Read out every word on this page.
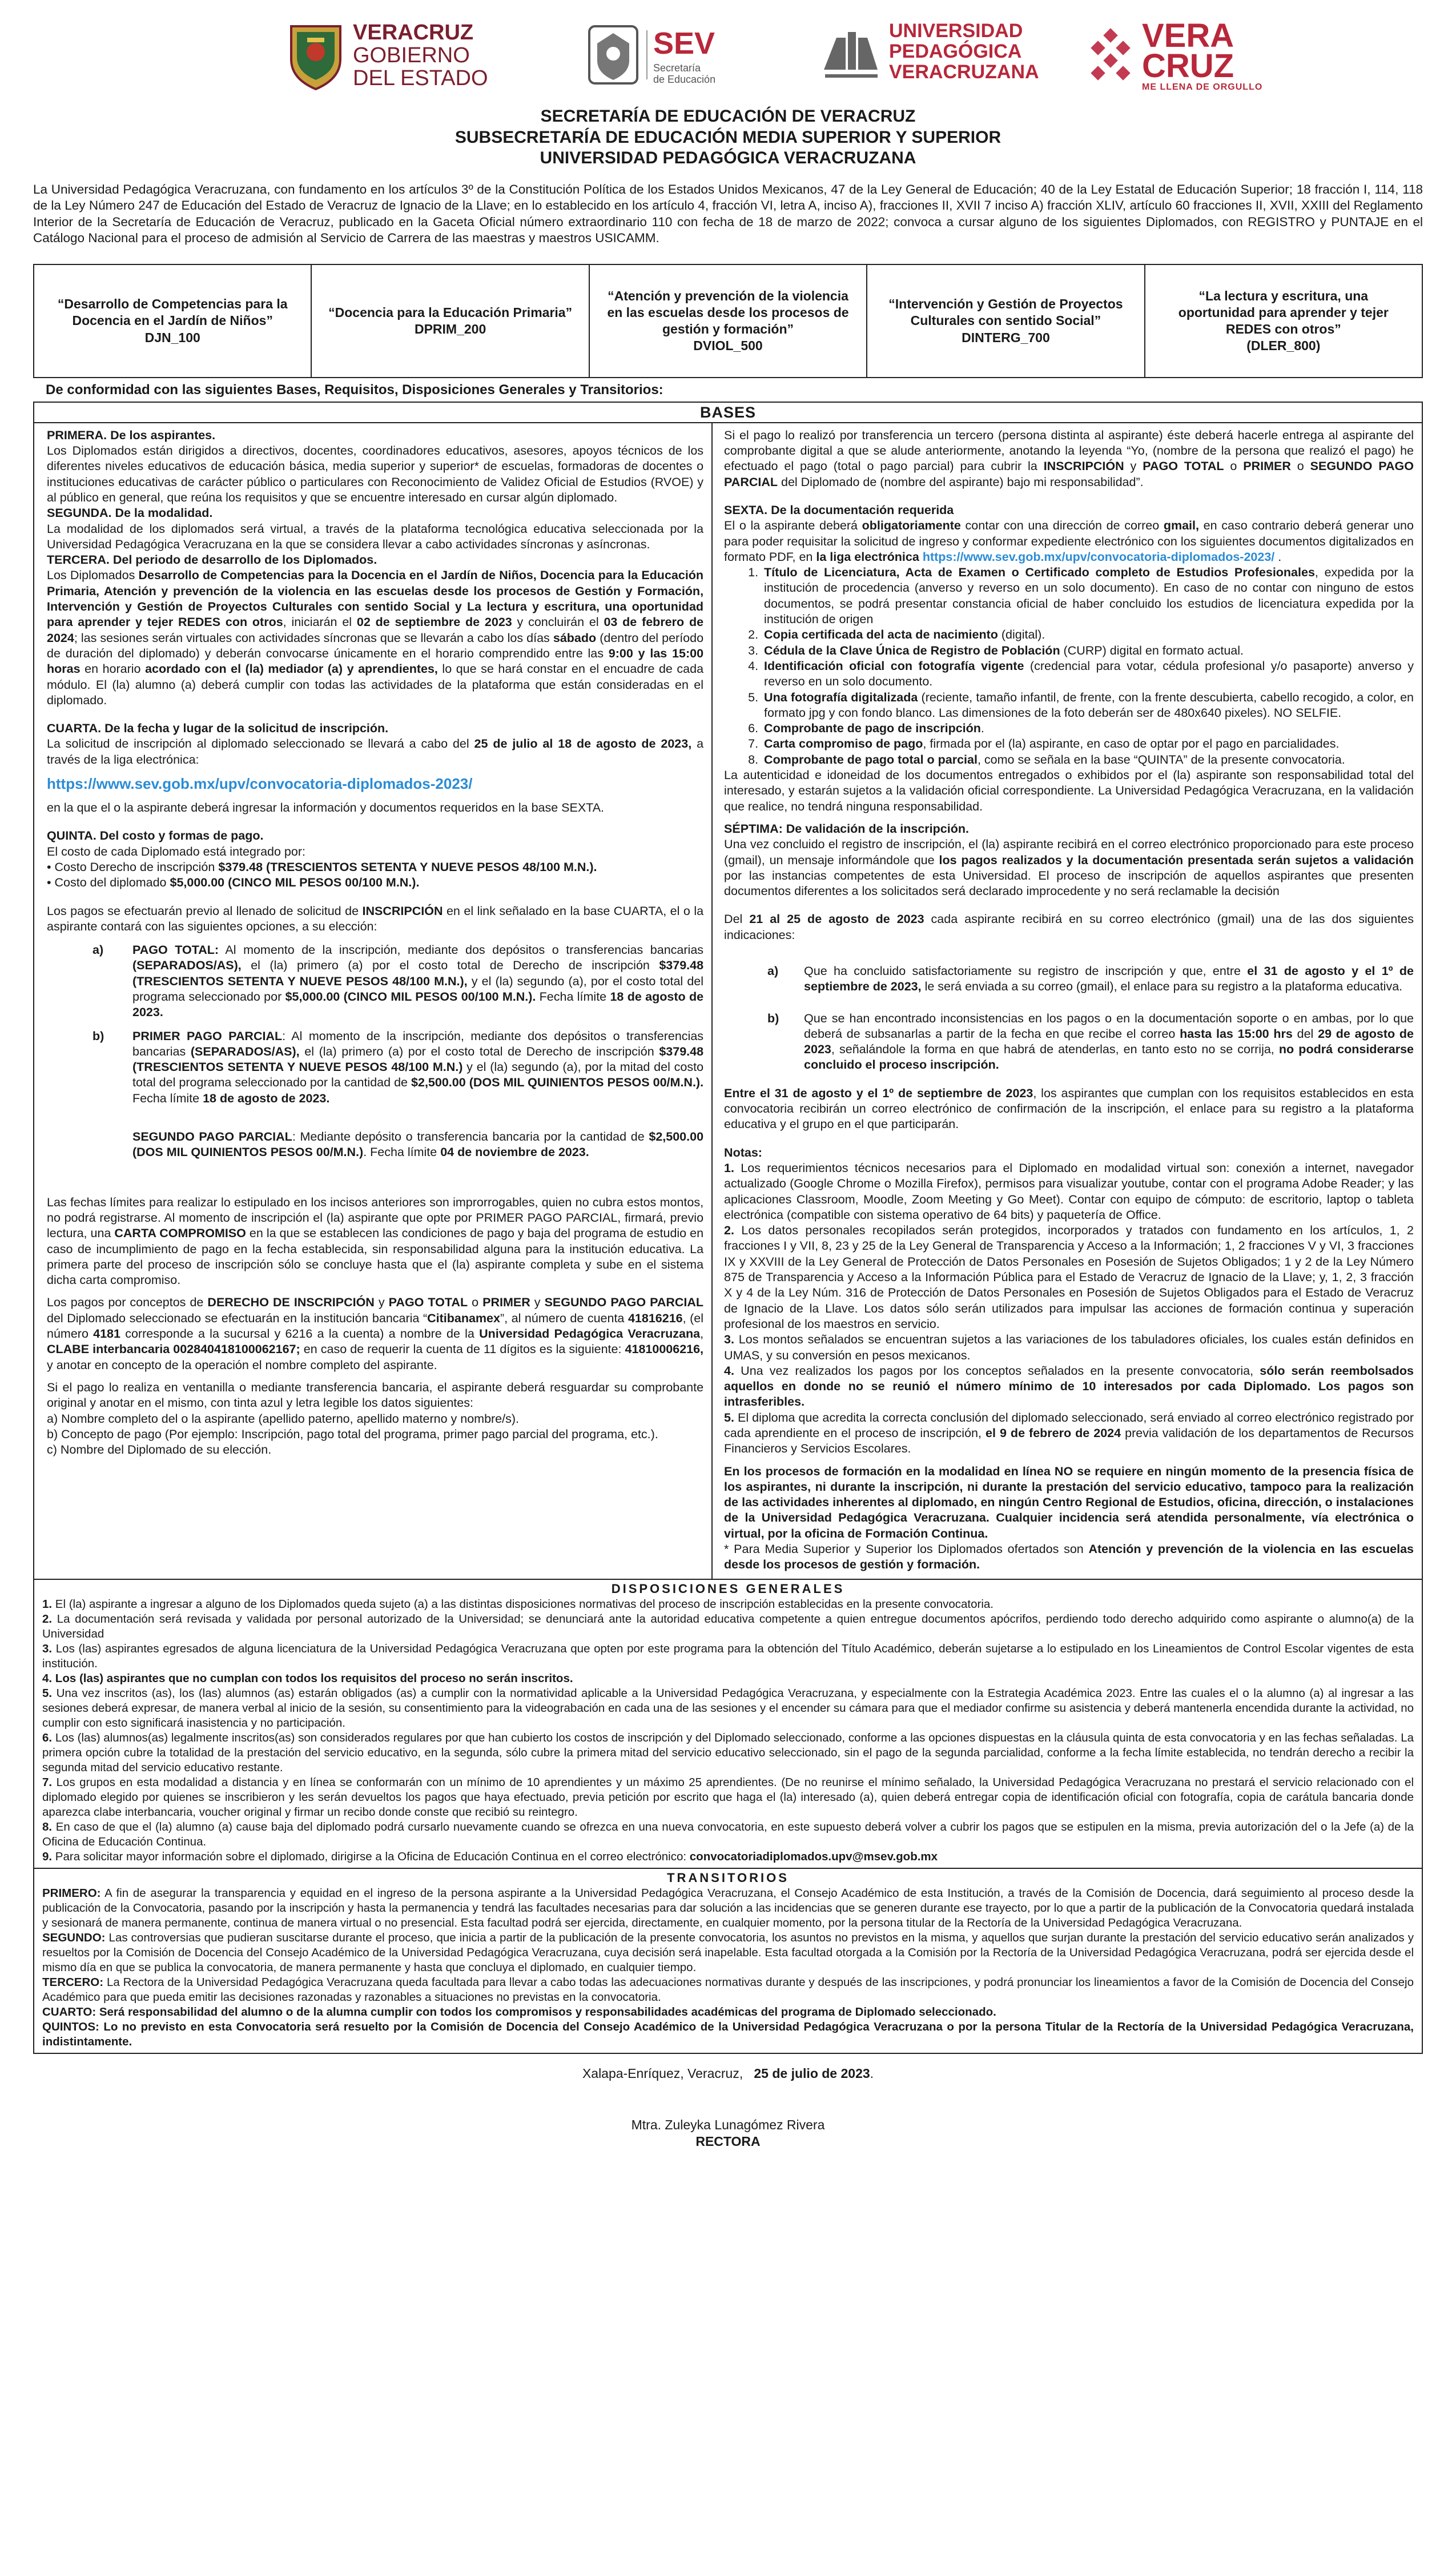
VERACRUZ
GOBIERNO
DEL ESTADO
SEV
Secretaría
de Educación
UNIVERSIDAD
PEDAGÓGICA
VERACRUZANA
VERA
CRUZ
ME LLENA DE ORGULLO
SECRETARÍA DE EDUCACIÓN DE VERACRUZ
SUBSECRETARÍA DE EDUCACIÓN MEDIA SUPERIOR Y SUPERIOR
UNIVERSIDAD PEDAGÓGICA VERACRUZANA

La Universidad Pedagógica Veracruzana, con fundamento en los artículos 3º de la Constitución Política de los Estados Unidos Mexicanos, 47 de la Ley General de Educación; 40 de la Ley Estatal de Educación Superior; 18 fracción I, 114, 118 de la Ley Número 247 de Educación del Estado de Veracruz de Ignacio de la Llave; en lo establecido en los artículo 4, fracción VI, letra A, inciso A), fracciones II, XVII 7 inciso A) fracción XLIV, artículo 60 fracciones II, XVII, XXIII del Reglamento Interior de la Secretaría de Educación de Veracruz, publicado en la Gaceta Oficial número extraordinario 110 con fecha de 18 de marzo de 2022; convoca a cursar alguno de los siguientes Diplomados, con REGISTRO y PUNTAJE en el Catálogo Nacional para el proceso de admisión al Servicio de Carrera de las maestras y maestros USICAMM.

“Desarrollo de Competencias para la Docencia en el Jardín de Niños”
DJN_100
“Docencia para la Educación Primaria”
DPRIM_200
“Atención y prevención de la violencia en las escuelas desde los procesos de gestión y formación”
DVIOL_500
“Intervención y Gestión de Proyectos Culturales con sentido Social”
DINTERG_700
“La lectura y escritura, una oportunidad para aprender y tejer REDES con otros”
(DLER_800)
De conformidad con las siguientes Bases, Requisitos, Disposiciones Generales y Transitorios:
BASES

PRIMERA. De los aspirantes.

Los Diplomados están dirigidos a directivos, docentes, coordinadores educativos, asesores, apoyos técnicos de los diferentes niveles educativos de educación básica, media superior y superior* de escuelas, formadoras de docentes o instituciones educativas de carácter público o particulares con Reconocimiento de Validez Oficial de Estudios (RVOE) y al público en general, que reúna los requisitos y que se encuentre interesado en cursar algún diplomado.

SEGUNDA. De la modalidad.

La modalidad de los diplomados será virtual, a través de la plataforma tecnológica educativa seleccionada por la Universidad Pedagógica Veracruzana en la que se considera llevar a cabo actividades síncronas y asíncronas.

TERCERA. Del periodo de desarrollo de los Diplomados.

Los Diplomados Desarrollo de Competencias para la Docencia en el Jardín de Niños, Docencia para la Educación Primaria, Atención y prevención de la violencia en las escuelas desde los procesos de Gestión y Formación, Intervención y Gestión de Proyectos Culturales con sentido Social y La lectura y escritura, una oportunidad para aprender y tejer REDES con otros, iniciarán el 02 de septiembre de 2023 y concluirán el 03 de febrero de 2024; las sesiones serán virtuales con actividades síncronas que se llevarán a cabo los días sábado (dentro del período de duración del diplomado) y deberán convocarse únicamente en el horario comprendido entre las 9:00 y las 15:00 horas en horario acordado con el (la) mediador (a) y aprendientes, lo que se hará constar en el encuadre de cada módulo. El (la) alumno (a) deberá cumplir con todas las actividades de la plataforma que están consideradas en el diplomado.

CUARTA. De la fecha y lugar de la solicitud de inscripción.

La solicitud de inscripción al diplomado seleccionado se llevará a cabo del 25 de julio al 18 de agosto de 2023, a través de la liga electrónica:

https://www.sev.gob.mx/upv/convocatoria-diplomados-2023/

en la que el o la aspirante deberá ingresar la información y documentos requeridos en la base SEXTA.

QUINTA. Del costo y formas de pago.

El costo de cada Diplomado está integrado por:

• Costo Derecho de inscripción $379.48 (TRESCIENTOS SETENTA Y NUEVE PESOS 48/100 M.N.).

• Costo del diplomado $5,000.00 (CINCO MIL PESOS 00/100 M.N.).

Los pagos se efectuarán previo al llenado de solicitud de INSCRIPCIÓN en el link señalado en la base CUARTA, el o la aspirante contará con las siguientes opciones, a su elección:

a)	PAGO TOTAL: Al momento de la inscripción, mediante dos depósitos o transferencias bancarias (SEPARADOS/AS), el (la) primero (a) por el costo total de Derecho de inscripción $379.48 (TRESCIENTOS SETENTA Y NUEVE PESOS 48/100 M.N.), y el (la) segundo (a), por el costo total del programa seleccionado por $5,000.00 (CINCO MIL PESOS 00/100 M.N.). Fecha límite 18 de agosto de 2023.
b)	PRIMER PAGO PARCIAL: Al momento de la inscripción, mediante dos depósitos o transferencias bancarias (SEPARADOS/AS), el (la) primero (a) por el costo total de Derecho de inscripción $379.48 (TRESCIENTOS SETENTA Y NUEVE PESOS 48/100 M.N.) y el (la) segundo (a), por la mitad del costo total del programa seleccionado por la cantidad de $2,500.00 (DOS MIL QUINIENTOS PESOS 00/M.N.). Fecha límite 18 de agosto de 2023.
SEGUNDO PAGO PARCIAL: Mediante depósito o transferencia bancaria por la cantidad de $2,500.00 (DOS MIL QUINIENTOS PESOS 00/M.N.). Fecha límite 04 de noviembre de 2023.

Las fechas límites para realizar lo estipulado en los incisos anteriores son improrrogables, quien no cubra estos montos, no podrá registrarse. Al momento de inscripción el (la) aspirante que opte por PRIMER PAGO PARCIAL, firmará, previo lectura, una CARTA COMPROMISO en la que se establecen las condiciones de pago y baja del programa de estudio en caso de incumplimiento de pago en la fecha establecida, sin responsabilidad alguna para la institución educativa. La primera parte del proceso de inscripción sólo se concluye hasta que el (la) aspirante completa y sube en el sistema dicha carta compromiso.

Los pagos por conceptos de DERECHO DE INSCRIPCIÓN y PAGO TOTAL o PRIMER y SEGUNDO PAGO PARCIAL del Diplomado seleccionado se efectuarán en la institución bancaria “Citibanamex”, al número de cuenta 41816216, (el número 4181 corresponde a la sucursal y 6216 a la cuenta) a nombre de la Universidad Pedagógica Veracruzana, CLABE interbancaria 002840418100062167; en caso de requerir la cuenta de 11 dígitos es la siguiente: 41810006216, y anotar en concepto de la operación el nombre completo del aspirante.

Si el pago lo realiza en ventanilla o mediante transferencia bancaria, el aspirante deberá resguardar su comprobante original y anotar en el mismo, con tinta azul y letra legible los datos siguientes:

a) Nombre completo del o la aspirante (apellido paterno, apellido materno y nombre/s).

b) Concepto de pago (Por ejemplo: Inscripción, pago total del programa, primer pago parcial del programa, etc.).

c) Nombre del Diplomado de su elección.

Si el pago lo realizó por transferencia un tercero (persona distinta al aspirante) éste deberá hacerle entrega al aspirante del comprobante digital a que se alude anteriormente, anotando la leyenda “Yo, (nombre de la persona que realizó el pago) he efectuado el pago (total o pago parcial) para cubrir la INSCRIPCIÓN y PAGO TOTAL o PRIMER o SEGUNDO PAGO PARCIAL del Diplomado de (nombre del aspirante) bajo mi responsabilidad”.

SEXTA. De la documentación requerida

El o la aspirante deberá obligatoriamente contar con una dirección de correo gmail, en caso contrario deberá generar uno para poder requisitar la solicitud de ingreso y conformar expediente electrónico con los siguientes documentos digitalizados en formato PDF, en la liga electrónica https://www.sev.gob.mx/upv/convocatoria-diplomados-2023/ .

1. Título de Licenciatura, Acta de Examen o Certificado completo de Estudios Profesionales, expedida por la institución de procedencia (anverso y reverso en un solo documento). En caso de no contar con ninguno de estos documentos, se podrá presentar constancia oficial de haber concluido los estudios de licenciatura expedida por la institución de origen
2. Copia certificada del acta de nacimiento (digital).
3. Cédula de la Clave Única de Registro de Población (CURP) digital en formato actual.
4. Identificación oficial con fotografía vigente (credencial para votar, cédula profesional y/o pasaporte) anverso y reverso en un solo documento.
5. Una fotografía digitalizada (reciente, tamaño infantil, de frente, con la frente descubierta, cabello recogido, a color, en formato jpg y con fondo blanco. Las dimensiones de la foto deberán ser de 480x640 pixeles). NO SELFIE.
6. Comprobante de pago de inscripción.
7. Carta compromiso de pago, firmada por el (la) aspirante, en caso de optar por el pago en parcialidades.
8. Comprobante de pago total o parcial, como se señala en la base “QUINTA” de la presente convocatoria.

La autenticidad e idoneidad de los documentos entregados o exhibidos por el (la) aspirante son responsabilidad total del interesado, y estarán sujetos a la validación oficial correspondiente. La Universidad Pedagógica Veracruzana, en la validación que realice, no tendrá ninguna responsabilidad.

SÉPTIMA: De validación de la inscripción.

Una vez concluido el registro de inscripción, el (la) aspirante recibirá en el correo electrónico proporcionado para este proceso (gmail), un mensaje informándole que los pagos realizados y la documentación presentada serán sujetos a validación por las instancias competentes de esta Universidad. El proceso de inscripción de aquellos aspirantes que presenten documentos diferentes a los solicitados será declarado improcedente y no será reclamable la decisión

Del 21 al 25 de agosto de 2023 cada aspirante recibirá en su correo electrónico (gmail) una de las dos siguientes indicaciones:

a)	Que ha concluido satisfactoriamente su registro de inscripción y que, entre el 31 de agosto y el 1º de septiembre de 2023, le será enviada a su correo (gmail), el enlace para su registro a la plataforma educativa.
b)	Que se han encontrado inconsistencias en los pagos o en la documentación soporte o en ambas, por lo que deberá de subsanarlas a partir de la fecha en que recibe el correo hasta las 15:00 hrs del 29 de agosto de 2023, señalándole la forma en que habrá de atenderlas, en tanto esto no se corrija, no podrá considerarse concluido el proceso inscripción.

Entre el 31 de agosto y el 1º de septiembre de 2023, los aspirantes que cumplan con los requisitos establecidos en esta convocatoria recibirán un correo electrónico de confirmación de la inscripción, el enlace para su registro a la plataforma educativa y el grupo en el que participarán.

Notas:

1. Los requerimientos técnicos necesarios para el Diplomado en modalidad virtual son: conexión a internet, navegador actualizado (Google Chrome o Mozilla Firefox), permisos para visualizar youtube, contar con el programa Adobe Reader; y las aplicaciones Classroom, Moodle, Zoom Meeting y Go Meet). Contar con equipo de cómputo: de escritorio, laptop o tableta electrónica (compatible con sistema operativo de 64 bits) y paquetería de Office.

2. Los datos personales recopilados serán protegidos, incorporados y tratados con fundamento en los artículos, 1, 2 fracciones I y VII, 8, 23 y 25 de la Ley General de Transparencia y Acceso a la Información; 1, 2 fracciones V y VI, 3 fracciones IX y XXVIII de la Ley General de Protección de Datos Personales en Posesión de Sujetos Obligados; 1 y 2 de la Ley Número 875 de Transparencia y Acceso a la Información Pública para el Estado de Veracruz de Ignacio de la Llave; y, 1, 2, 3 fracción X y 4 de la Ley Núm. 316 de Protección de Datos Personales en Posesión de Sujetos Obligados para el Estado de Veracruz de Ignacio de la Llave. Los datos sólo serán utilizados para impulsar las acciones de formación continua y superación profesional de los maestros en servicio.

3. Los montos señalados se encuentran sujetos a las variaciones de los tabuladores oficiales, los cuales están definidos en UMAS, y su conversión en pesos mexicanos.

4. Una vez realizados los pagos por los conceptos señalados en la presente convocatoria, sólo serán reembolsados aquellos en donde no se reunió el número mínimo de 10 interesados por cada Diplomado. Los pagos son intrasferibles.

5. El diploma que acredita la correcta conclusión del diplomado seleccionado, será enviado al correo electrónico registrado por cada aprendiente en el proceso de inscripción, el 9 de febrero de 2024 previa validación de los departamentos de Recursos Financieros y Servicios Escolares.

En los procesos de formación en la modalidad en línea NO se requiere en ningún momento de la presencia física de los aspirantes, ni durante la inscripción, ni durante la prestación del servicio educativo, tampoco para la realización de las actividades inherentes al diplomado, en ningún Centro Regional de Estudios, oficina, dirección, o instalaciones de la Universidad Pedagógica Veracruzana. Cualquier incidencia será atendida personalmente, vía electrónica o virtual, por la oficina de Formación Continua.

* Para Media Superior y Superior los Diplomados ofertados son Atención y prevención de la violencia en las escuelas desde los procesos de gestión y formación.

DISPOSICIONES GENERALES

1. El (la) aspirante a ingresar a alguno de los Diplomados queda sujeto (a) a las distintas disposiciones normativas del proceso de inscripción establecidas en la presente convocatoria.

2. La documentación será revisada y validada por personal autorizado de la Universidad; se denunciará ante la autoridad educativa competente a quien entregue documentos apócrifos, perdiendo todo derecho adquirido como aspirante o alumno(a) de la Universidad

3. Los (las) aspirantes egresados de alguna licenciatura de la Universidad Pedagógica Veracruzana que opten por este programa para la obtención del Título Académico, deberán sujetarse a lo estipulado en los Lineamientos de Control Escolar vigentes de esta institución.

4. Los (las) aspirantes que no cumplan con todos los requisitos del proceso no serán inscritos.

5. Una vez inscritos (as), los (las) alumnos (as) estarán obligados (as) a cumplir con la normatividad aplicable a la Universidad Pedagógica Veracruzana, y especialmente con la Estrategia Académica 2023. Entre las cuales el o la alumno (a) al ingresar a las sesiones deberá expresar, de manera verbal al inicio de la sesión, su consentimiento para la videograbación en cada una de las sesiones y el encender su cámara para que el mediador confirme su asistencia y deberá mantenerla encendida durante la actividad, no cumplir con esto significará inasistencia y no participación.

6. Los (las) alumnos(as) legalmente inscritos(as) son considerados regulares por que han cubierto los costos de inscripción y del Diplomado seleccionado, conforme a las opciones dispuestas en la cláusula quinta de esta convocatoria y en las fechas señaladas. La primera opción cubre la totalidad de la prestación del servicio educativo, en la segunda, sólo cubre la primera mitad del servicio educativo seleccionado, sin el pago de la segunda parcialidad, conforme a la fecha límite establecida, no tendrán derecho a recibir la segunda mitad del servicio educativo restante.

7. Los grupos en esta modalidad a distancia y en línea se conformarán con un mínimo de 10 aprendientes y un máximo 25 aprendientes. (De no reunirse el mínimo señalado, la Universidad Pedagógica Veracruzana no prestará el servicio relacionado con el diplomado elegido por quienes se inscribieron y les serán devueltos los pagos que haya efectuado, previa petición por escrito que haga el (la) interesado (a), quien deberá entregar copia de identificación oficial con fotografía, copia de carátula bancaria donde aparezca clabe interbancaria, voucher original y firmar un recibo donde conste que recibió su reintegro.

8. En caso de que el (la) alumno (a) cause baja del diplomado podrá cursarlo nuevamente cuando se ofrezca en una nueva convocatoria, en este supuesto deberá volver a cubrir los pagos que se estipulen en la misma, previa autorización del o la Jefe (a) de la Oficina de Educación Continua.

9. Para solicitar mayor información sobre el diplomado, dirigirse a la Oficina de Educación Continua en el correo electrónico: convocatoriadiplomados.upv@msev.gob.mx

TRANSITORIOS

PRIMERO: A fin de asegurar la transparencia y equidad en el ingreso de la persona aspirante a la Universidad Pedagógica Veracruzana, el Consejo Académico de esta Institución, a través de la Comisión de Docencia, dará seguimiento al proceso desde la publicación de la Convocatoria, pasando por la inscripción y hasta la permanencia y tendrá las facultades necesarias para dar solución a las incidencias que se generen durante ese trayecto, por lo que a partir de la publicación de la Convocatoria quedará instalada y sesionará de manera permanente, continua de manera virtual o no presencial. Esta facultad podrá ser ejercida, directamente, en cualquier momento, por la persona titular de la Rectoría de la Universidad Pedagógica Veracruzana.

SEGUNDO: Las controversias que pudieran suscitarse durante el proceso, que inicia a partir de la publicación de la presente convocatoria, los asuntos no previstos en la misma, y aquellos que surjan durante la prestación del servicio educativo serán analizados y resueltos por la Comisión de Docencia del Consejo Académico de la Universidad Pedagógica Veracruzana, cuya decisión será inapelable. Esta facultad otorgada a la Comisión por la Rectoría de la Universidad Pedagógica Veracruzana, podrá ser ejercida desde el mismo día en que se publica la convocatoria, de manera permanente y hasta que concluya el diplomado, en cualquier tiempo.

TERCERO: La Rectora de la Universidad Pedagógica Veracruzana queda facultada para llevar a cabo todas las adecuaciones normativas durante y después de las inscripciones, y podrá pronunciar los lineamientos a favor de la Comisión de Docencia del Consejo Académico para que pueda emitir las decisiones razonadas y razonables a situaciones no previstas en la convocatoria.

CUARTO: Será responsabilidad del alumno o de la alumna cumplir con todos los compromisos y responsabilidades académicas del programa de Diplomado seleccionado.

QUINTOS: Lo no previsto en esta Convocatoria será resuelto por la Comisión de Docencia del Consejo Académico de la Universidad Pedagógica Veracruzana o por la persona Titular de la Rectoría de la Universidad Pedagógica Veracruzana, indistintamente.

Xalapa-Enríquez, Veracruz, 25 de julio de 2023.

Mtra. Zuleyka Lunagómez Rivera

RECTORA
